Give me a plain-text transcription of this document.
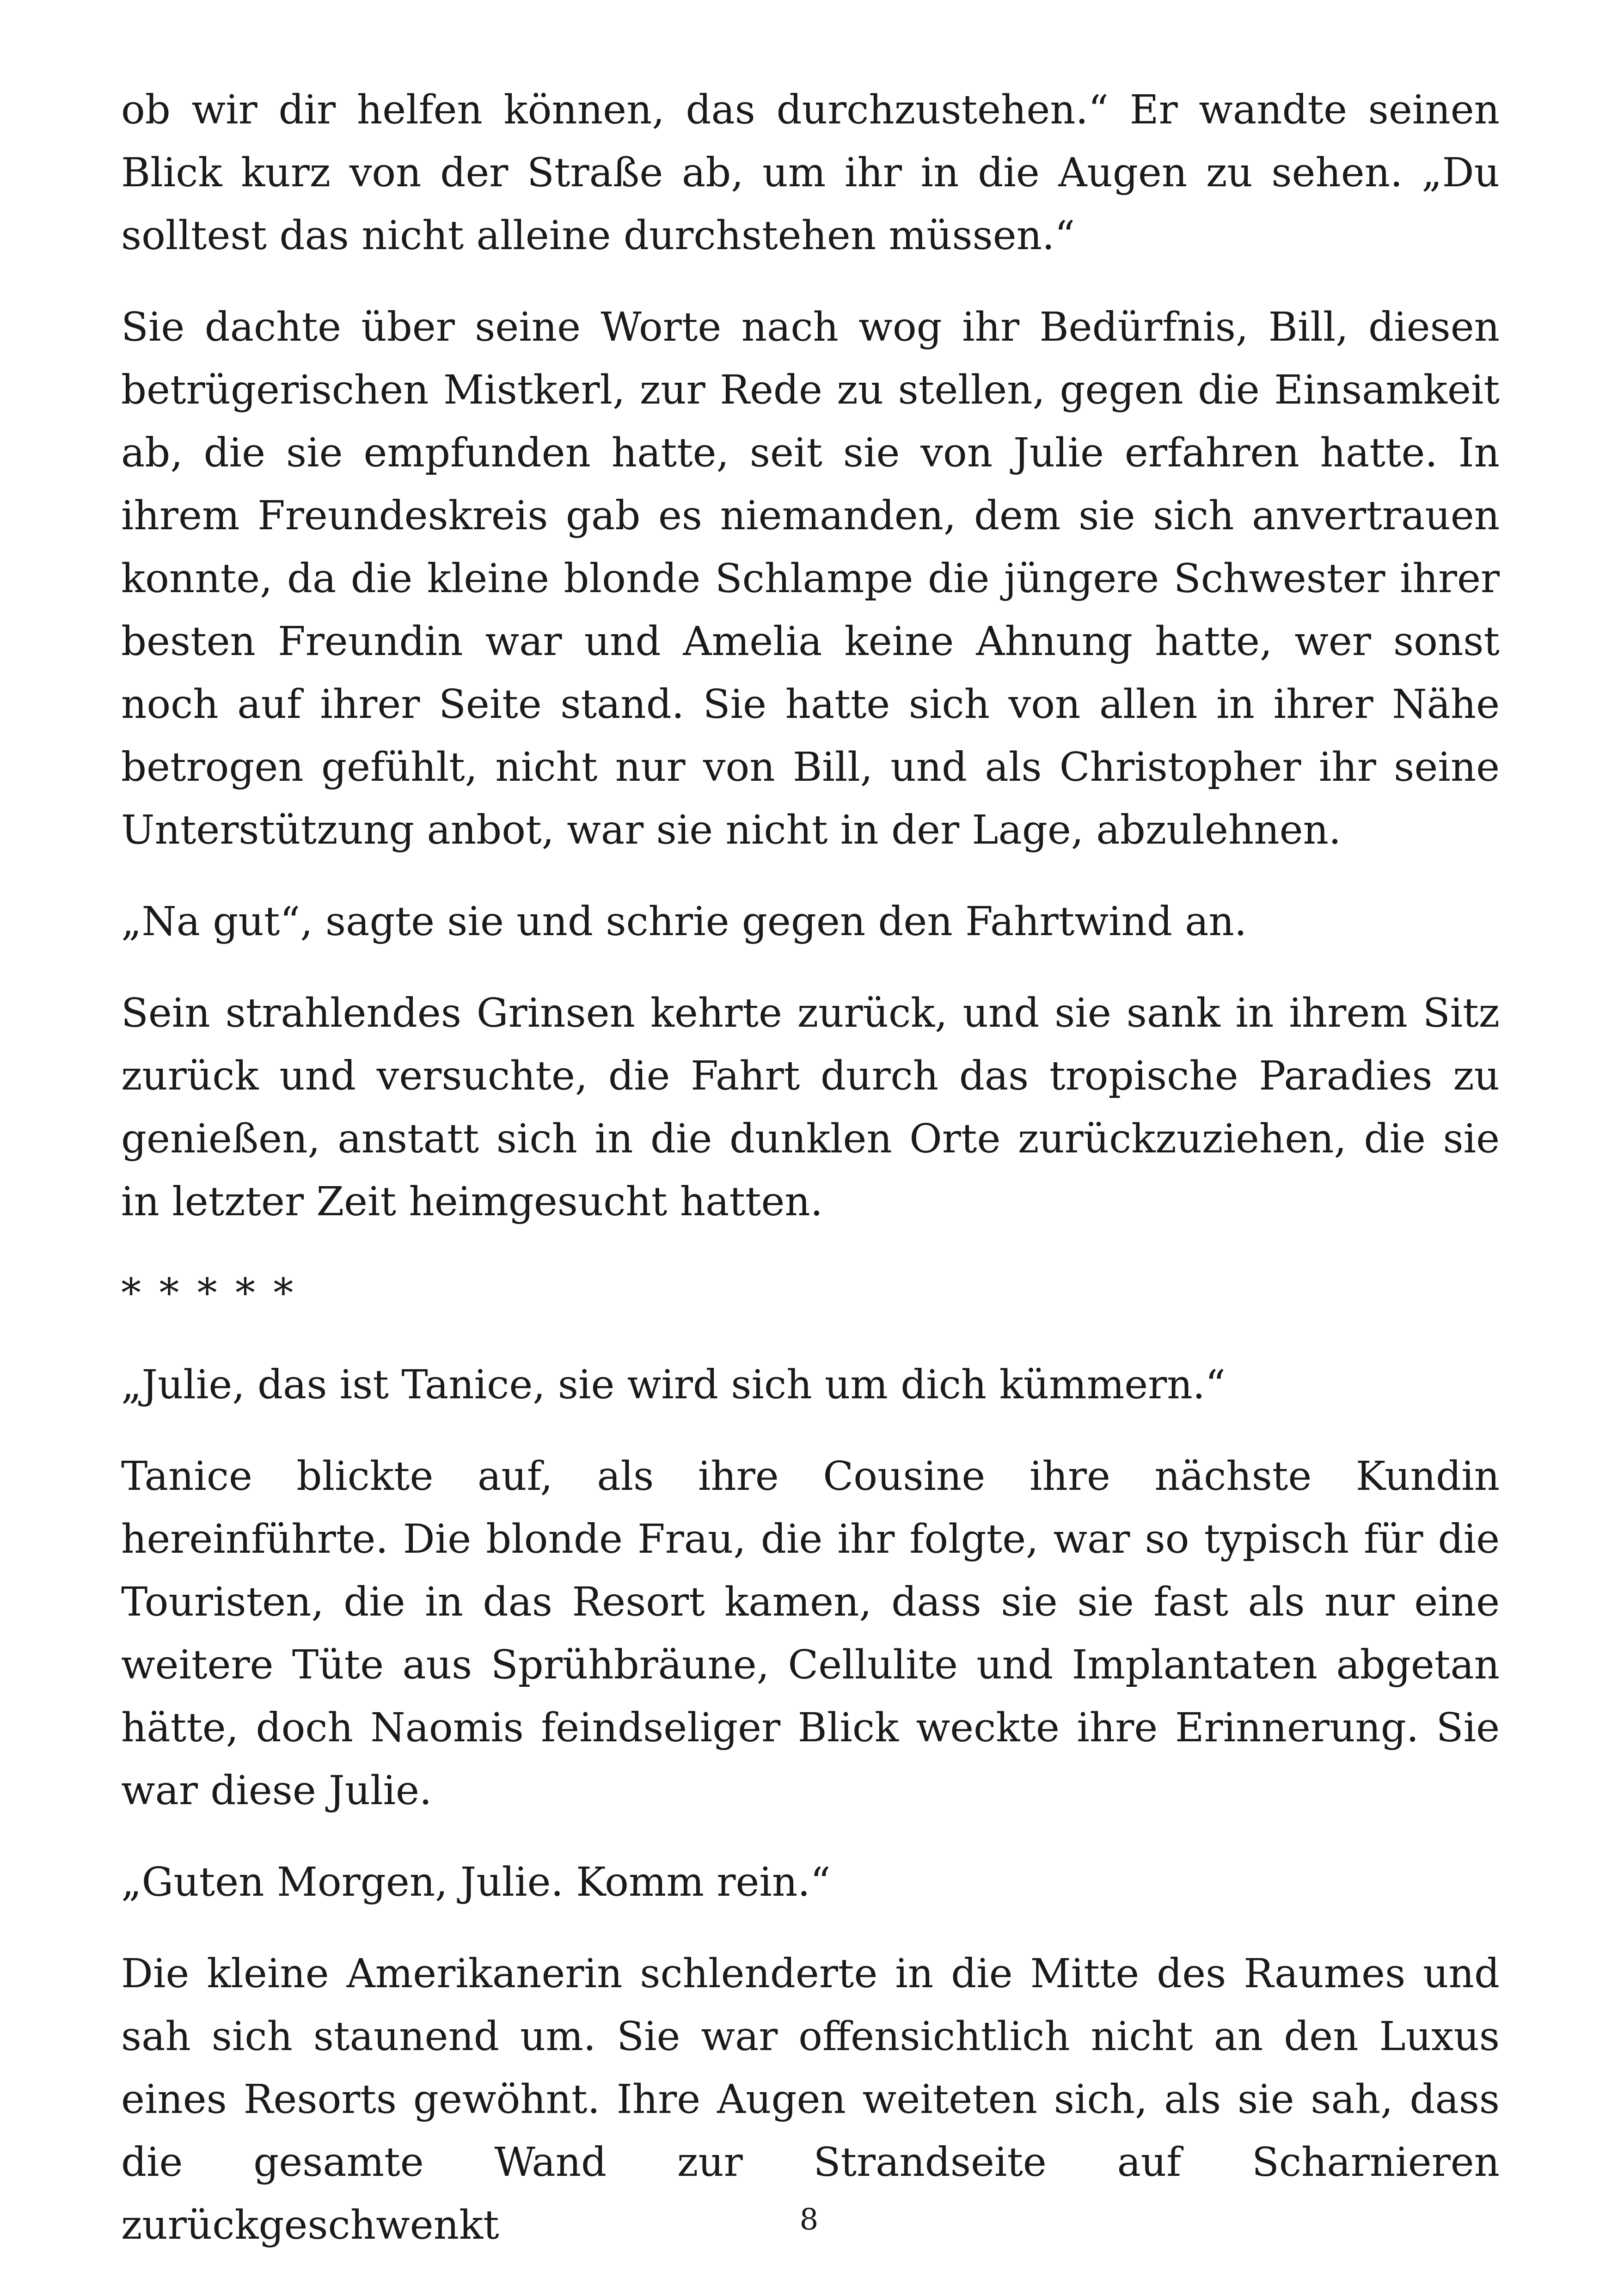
ob wir dir helfen können, das durchzustehen.“ Er wandte seinen Blick kurz von der Straße ab, um ihr in die Augen zu sehen. „Du solltest das nicht alleine durchstehen müssen.“

Sie dachte über seine Worte nach wog ihr Bedürfnis, Bill, diesen betrügerischen Mistkerl, zur Rede zu stellen, gegen die Einsamkeit ab, die sie empfunden hatte, seit sie von Julie erfahren hatte. In ihrem Freundeskreis gab es niemanden, dem sie sich anvertrauen konnte, da die kleine blonde Schlampe die jüngere Schwester ihrer besten Freundin war und Amelia keine Ahnung hatte, wer sonst noch auf ihrer Seite stand. Sie hatte sich von allen in ihrer Nähe betrogen gefühlt, nicht nur von Bill, und als Christopher ihr seine Unterstützung anbot, war sie nicht in der Lage, abzulehnen.

„Na gut“, sagte sie und schrie gegen den Fahrtwind an.

Sein strahlendes Grinsen kehrte zurück, und sie sank in ihrem Sitz zurück und versuchte, die Fahrt durch das tropische Paradies zu genießen, anstatt sich in die dunklen Orte zurückzuziehen, die sie in letzter Zeit heimgesucht hatten.

* * * * *

„Julie, das ist Tanice, sie wird sich um dich kümmern.“

Tanice blickte auf, als ihre Cousine ihre nächste Kundin hereinführte. Die blonde Frau, die ihr folgte, war so typisch für die Touristen, die in das Resort kamen, dass sie sie fast als nur eine weitere Tüte aus Sprühbräune, Cellulite und Implantaten abgetan hätte, doch Naomis feindseliger Blick weckte ihre Erinnerung. Sie war diese Julie.

„Guten Morgen, Julie. Komm rein.“

Die kleine Amerikanerin schlenderte in die Mitte des Raumes und sah sich staunend um. Sie war offensichtlich nicht an den Luxus eines Resorts gewöhnt. Ihre Augen weiteten sich, als sie sah, dass die gesamte Wand zur Strandseite auf Scharnieren zurückgeschwenkt	8
